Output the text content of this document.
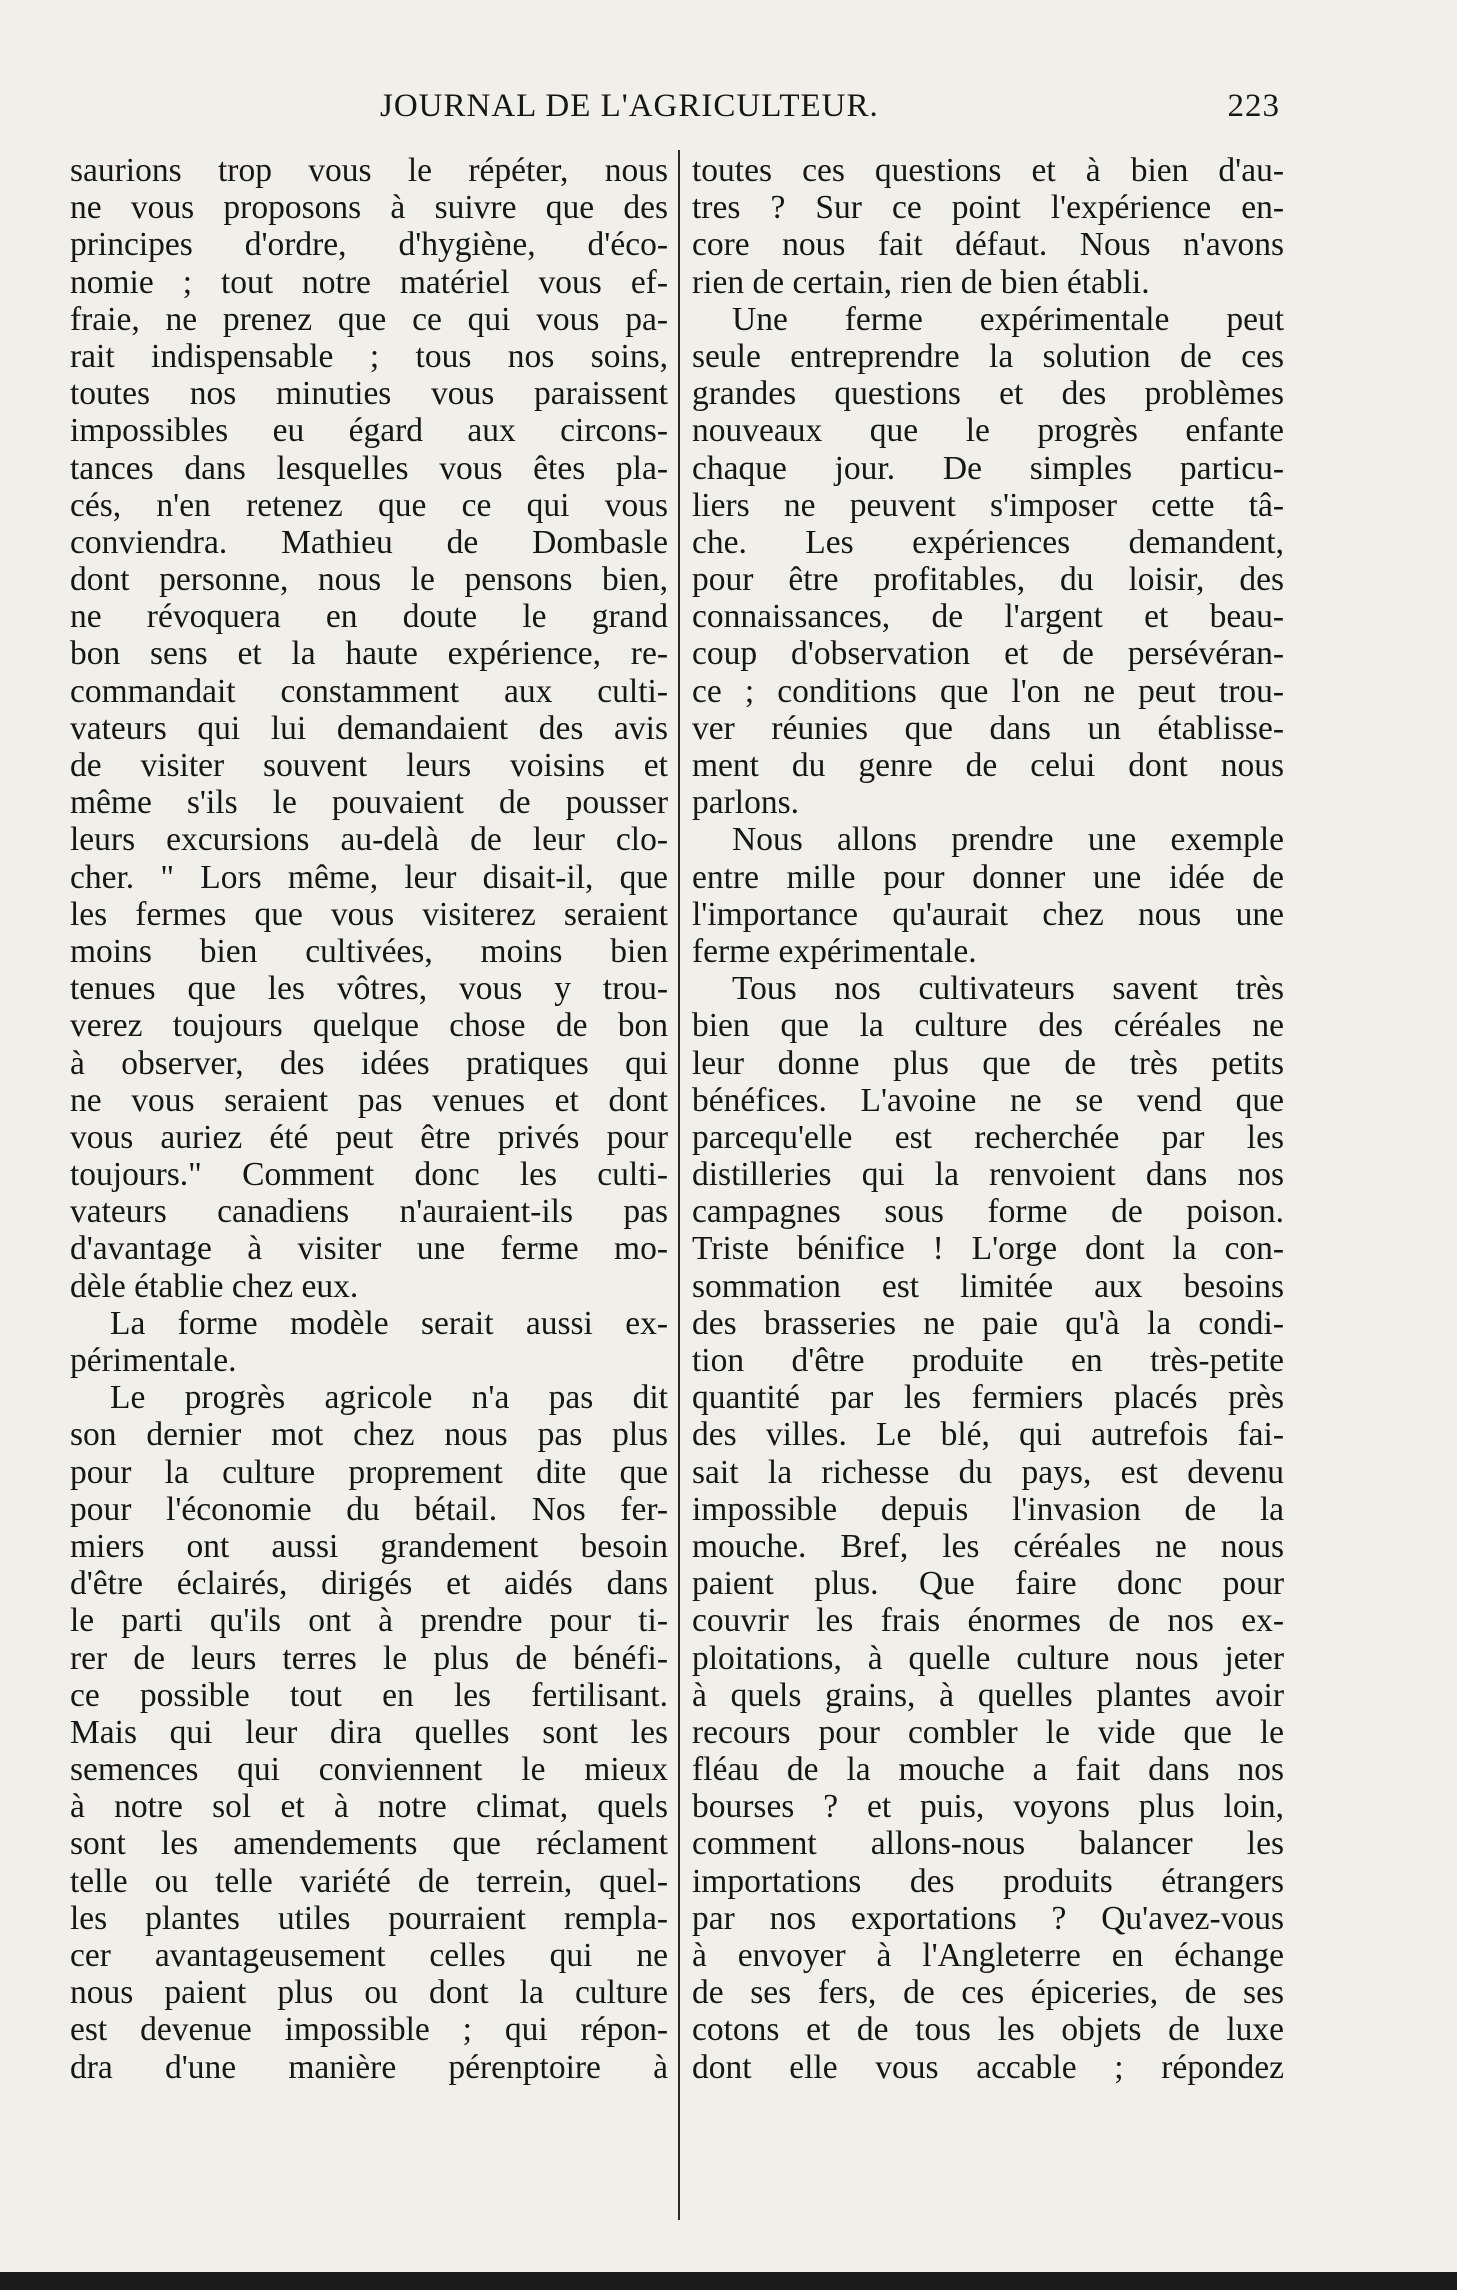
JOURNAL DE L'AGRICULTEUR.	223
saurions trop vous le répéter, nous
ne vous proposons à suivre que des
principes d'ordre, d'hygiène, d'éco-
nomie ; tout notre matériel vous ef-
fraie, ne prenez que ce qui vous pa-
rait indispensable ; tous nos soins,
toutes nos minuties vous paraissent
impossibles eu égard aux circons-
tances dans lesquelles vous êtes pla-
cés, n'en retenez que ce qui vous
conviendra. Mathieu de Dombasle
dont personne, nous le pensons bien,
ne révoquera en doute le grand
bon sens et la haute expérience, re-
commandait constamment aux culti-
vateurs qui lui demandaient des avis
de visiter souvent leurs voisins et
même s'ils le pouvaient de pousser
leurs excursions au-delà de leur clo-
cher. " Lors même, leur disait-il, que
les fermes que vous visiterez seraient
moins bien cultivées, moins bien
tenues que les vôtres, vous y trou-
verez toujours quelque chose de bon
à observer, des idées pratiques qui
ne vous seraient pas venues et dont
vous auriez été peut être privés pour
toujours." Comment donc les culti-
vateurs canadiens n'auraient-ils pas
d'avantage à visiter une ferme mo-
dèle établie chez eux.
La forme modèle serait aussi ex-
périmentale.
Le progrès agricole n'a pas dit
son dernier mot chez nous pas plus
pour la culture proprement dite que
pour l'économie du bétail. Nos fer-
miers ont aussi grandement besoin
d'être éclairés, dirigés et aidés dans
le parti qu'ils ont à prendre pour ti-
rer de leurs terres le plus de bénéfi-
ce possible tout en les fertilisant.
Mais qui leur dira quelles sont les
semences qui conviennent le mieux
à notre sol et à notre climat, quels
sont les amendements que réclament
telle ou telle variété de terrein, quel-
les plantes utiles pourraient rempla-
cer avantageusement celles qui ne
nous paient plus ou dont la culture
est devenue impossible ; qui répon-
dra d'une manière pérenptoire à
toutes ces questions et à bien d'au-
tres ? Sur ce point l'expérience en-
core nous fait défaut. Nous n'avons
rien de certain, rien de bien établi.
Une ferme expérimentale peut
seule entreprendre la solution de ces
grandes questions et des problèmes
nouveaux que le progrès enfante
chaque jour. De simples particu-
liers ne peuvent s'imposer cette tâ-
che. Les expériences demandent,
pour être profitables, du loisir, des
connaissances, de l'argent et beau-
coup d'observation et de persévéran-
ce ; conditions que l'on ne peut trou-
ver réunies que dans un établisse-
ment du genre de celui dont nous
parlons.
Nous allons prendre une exemple
entre mille pour donner une idée de
l'importance qu'aurait chez nous une
ferme expérimentale.
Tous nos cultivateurs savent très
bien que la culture des céréales ne
leur donne plus que de très petits
bénéfices. L'avoine ne se vend que
parcequ'elle est recherchée par les
distilleries qui la renvoient dans nos
campagnes sous forme de poison.
Triste bénifice ! L'orge dont la con-
sommation est limitée aux besoins
des brasseries ne paie qu'à la condi-
tion d'être produite en très-petite
quantité par les fermiers placés près
des villes. Le blé, qui autrefois fai-
sait la richesse du pays, est devenu
impossible depuis l'invasion de la
mouche. Bref, les céréales ne nous
paient plus. Que faire donc pour
couvrir les frais énormes de nos ex-
ploitations, à quelle culture nous jeter
à quels grains, à quelles plantes avoir
recours pour combler le vide que le
fléau de la mouche a fait dans nos
bourses ? et puis, voyons plus loin,
comment allons-nous balancer les
importations des produits étrangers
par nos exportations ? Qu'avez-vous
à envoyer à l'Angleterre en échange
de ses fers, de ces épiceries, de ses
cotons et de tous les objets de luxe
dont elle vous accable ; répondez
